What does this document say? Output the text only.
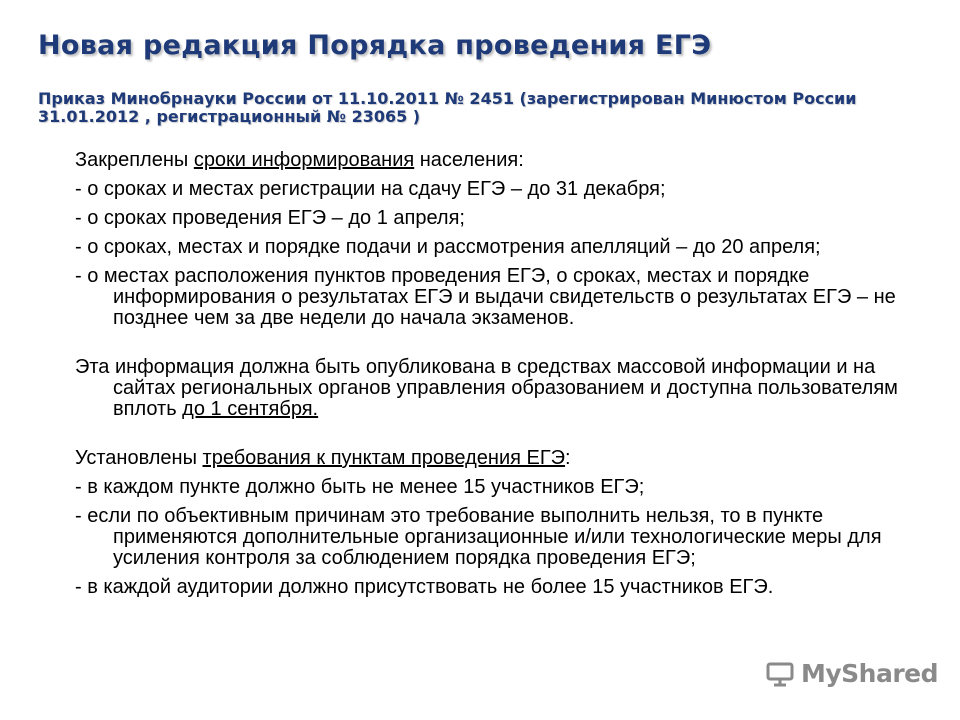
Новая редакция Порядка проведения ЕГЭ

Приказ Минобрнауки России от 11.10.2011 № 2451 (зарегистрирован Минюстом России 31.01.2012 , регистрационный № 23065 )

Закреплены сроки информирования населения:

- о сроках и местах регистрации на сдачу ЕГЭ – до 31 декабря;

- о сроках проведения ЕГЭ – до 1 апреля;

- о сроках, местах и порядке подачи и рассмотрения апелляций – до 20 апреля;

- о местах расположения пунктов проведения ЕГЭ, о сроках, местах и порядке информирования о результатах ЕГЭ и выдачи свидетельств о результатах ЕГЭ – не позднее чем за две недели до начала экзаменов.

Эта информация должна быть опубликована в средствах массовой информации и на сайтах региональных органов управления образованием и доступна пользователям вплоть до 1 сентября.

Установлены требования к пунктам проведения ЕГЭ:

- в каждом пункте должно быть не менее 15 участников ЕГЭ;

- если по объективным причинам это требование выполнить нельзя, то в пункте применяются дополнительные организационные и/или технологические меры для усиления контроля за соблюдением порядка проведения ЕГЭ;

- в каждой аудитории должно присутствовать не более 15 участников ЕГЭ.

MyShared
